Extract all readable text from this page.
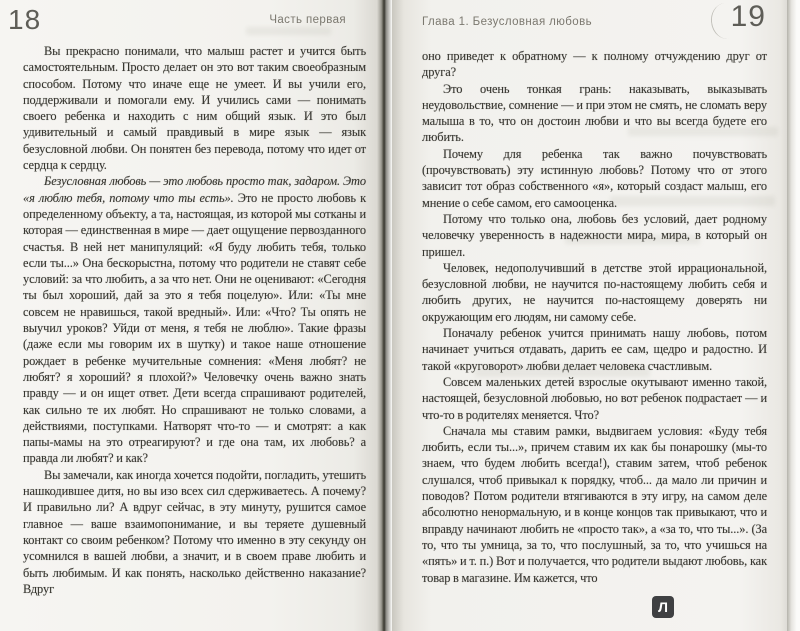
18	Часть первая

Вы прекрасно понимали, что малыш растет и учится быть самостоятельным. Просто делает он это вот таким своеобразным способом. Потому что иначе еще не умеет. И вы учили его, поддерживали и помогали ему. И учились сами — понимать своего ребенка и находить с ним общий язык. И это был удивительный и самый правдивый в мире язык — язык безусловной любви. Он понятен без перевода, потому что идет от сердца к сердцу.

Безусловная любовь — это любовь просто так, задаром. Это «я люблю тебя, потому что ты есть». Это не просто любовь к определенному объекту, а та, настоящая, из которой мы сотканы и которая — единственная в мире — дает ощущение первозданного счастья. В ней нет манипуляций: «Я буду любить тебя, только если ты...» Она бескорыстна, потому что родители не ставят себе условий: за что любить, а за что нет. Они не оценивают: «Сегодня ты был хороший, дай за это я тебя поцелую». Или: «Ты мне совсем не нравишься, такой вредный». Или: «Что? Ты опять не выучил уроков? Уйди от меня, я тебя не люблю». Такие фразы (даже если мы говорим их в шутку) и такое наше отношение рождает в ребенке мучительные сомнения: «Меня любят? не любят? я хороший? я плохой?» Человечку очень важно знать правду — и он ищет ответ. Дети всегда спрашивают родителей, как сильно те их любят. Но спрашивают не только словами, а действиями, поступками. Натворят что-то — и смотрят: а как папы-мамы на это отреагируют? и где она там, их любовь? а правда ли любят? и как?

Вы замечали, как иногда хочется подойти, погладить, утешить нашкодившее дитя, но вы изо всех сил сдерживаетесь. А почему? И правильно ли? А вдруг сейчас, в эту минуту, рушится самое главное — ваше взаимопонимание, и вы теряете душевный контакт со своим ребенком? Потому что именно в эту секунду он усомнился в вашей любви, а значит, и в своем праве любить и быть любимым. И как понять, насколько действенно наказание? Вдруг

19
Глава 1. Безусловная любовь

оно приведет к обратному — к полному отчуждению друг от друга?

Это очень тонкая грань: наказывать, выказывать неудовольствие, сомнение — и при этом не смять, не сломать веру малыша в то, что он достоин любви и что вы всегда будете его любить.

Почему для ребенка так важно почувствовать (прочувствовать) эту истинную любовь? Потому что от этого зависит тот образ собственного «я», который создаст малыш, его мнение о себе самом, его самооценка.

Потому что только она, любовь без условий, дает родному человечку уверенность в надежности мира, мира, в который он пришел.

Человек, недополучивший в детстве этой иррациональной, безусловной любви, не научится по-настоящему любить себя и любить других, не научится по-настоящему доверять ни окружающим его людям, ни самому себе.

Поначалу ребенок учится принимать нашу любовь, потом начинает учиться отдавать, дарить ее сам, щедро и радостно. И такой «круговорот» любви делает человека счастливым.

Совсем маленьких детей взрослые окутывают именно такой, настоящей, безусловной любовью, но вот ребенок подрастает — и что-то в родителях меняется. Что?

Сначала мы ставим рамки, выдвигаем условия: «Буду тебя любить, если ты...», причем ставим их как бы понарошку (мы-то знаем, что будем любить всегда!), ставим затем, чтоб ребенок слушался, чтоб привыкал к порядку, чтоб... да мало ли причин и поводов? Потом родители втягиваются в эту игру, на самом деле абсолютно ненормальную, и в конце концов так привыкают, что и вправду начинают любить не «просто так», а «за то, что ты...». (За то, что ты умница, за то, что послушный, за то, что учишься на «пять» и т. п.) Вот и получается, что родители выдают любовь, как товар в магазине. Им кажется, что

Л
